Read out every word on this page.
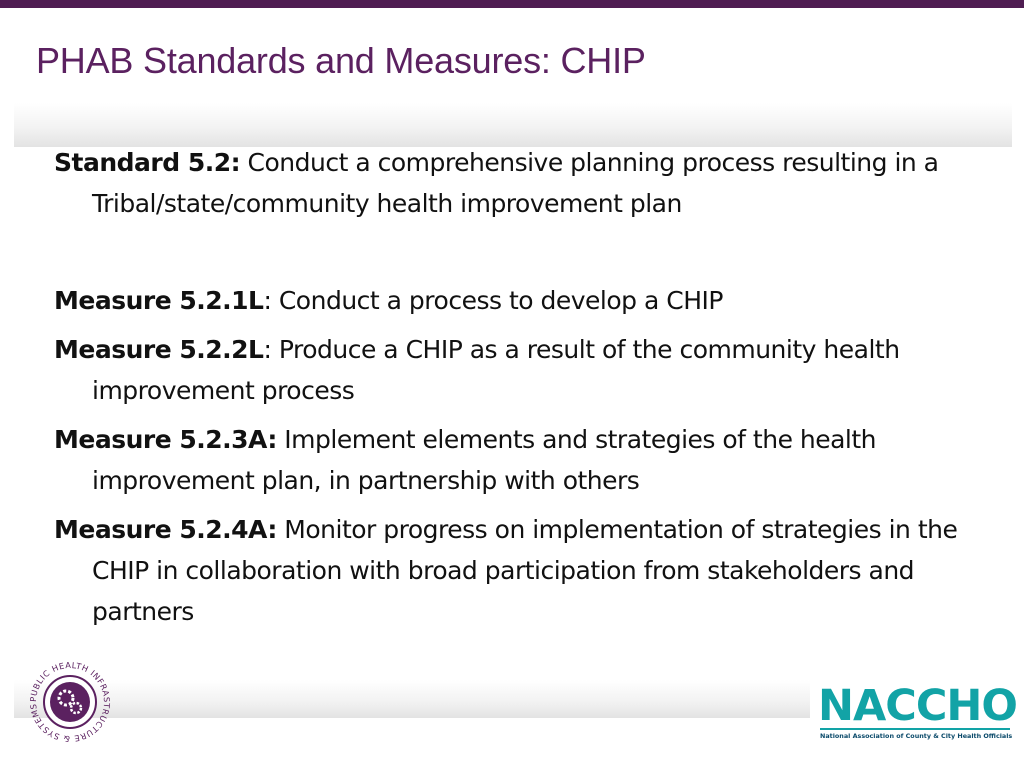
PHAB Standards and Measures: CHIP

Standard 5.2: Conduct a comprehensive planning process resulting in a Tribal/state/community health improvement plan

Measure 5.2.1L: Conduct a process to develop a CHIP

Measure 5.2.2L: Produce a CHIP as a result of the community health improvement process

Measure 5.2.3A: Implement elements and strategies of the health improvement plan, in partnership with others

Measure 5.2.4A: Monitor progress on implementation of strategies in the CHIP in collaboration with broad participation from stakeholders and partners

PUBLIC HEALTH INFRASTRUCTURE & SYSTEMS	NACCHO
National Association of County & City Health Officials
